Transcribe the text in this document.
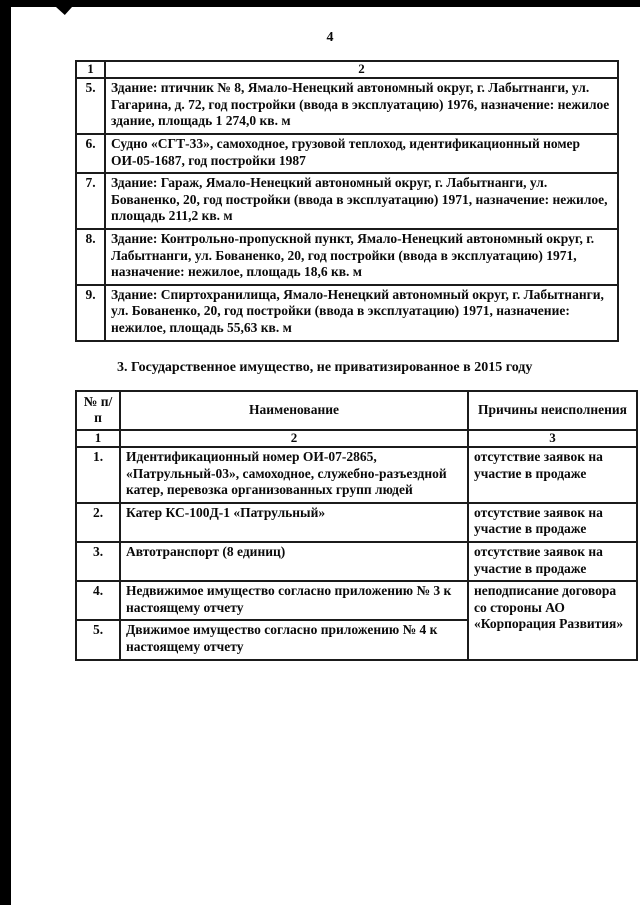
4
1	2
5.	Здание: птичник № 8, Ямало-Ненецкий автономный округ, г. Лабытнанги, ул. Гагарина, д. 72, год постройки (ввода в эксплуатацию) 1976, назначение: нежилое здание, площадь 1 274,0 кв. м
6.	Судно «СГТ-33», самоходное, грузовой теплоход, идентификационный номер ОИ-05-1687, год постройки 1987
7.	Здание: Гараж, Ямало-Ненецкий автономный округ, г. Лабытнанги, ул. Бованенко, 20, год постройки (ввода в эксплуатацию) 1971, назначение: нежилое, площадь 211,2 кв. м
8.	Здание: Контрольно-пропускной пункт, Ямало-Ненецкий автономный округ, г. Лабытнанги, ул. Бованенко, 20, год постройки (ввода в эксплуатацию) 1971, назначение: нежилое, площадь 18,6 кв. м
9.	Здание: Спиртохранилища, Ямало-Ненецкий автономный округ, г. Лабытнанги, ул. Бованенко, 20, год постройки (ввода в эксплуатацию) 1971, назначение: нежилое, площадь 55,63 кв. м
3. Государственное имущество, не приватизированное в 2015 году
№ п/п	Наименование	Причины неисполнения
1	2	3
1.	Идентификационный номер ОИ-07-2865, «Патрульный-03», самоходное, служебно-разъездной катер, перевозка организованных групп людей	отсутствие заявок на участие в продаже
2.	Катер КС-100Д-1 «Патрульный»	отсутствие заявок на участие в продаже
3.	Автотранспорт (8 единиц)	отсутствие заявок на участие в продаже
4.	Недвижимое имущество согласно приложению № 3 к настоящему отчету	неподписание договора со стороны АО «Корпорация Развития»
5.	Движимое имущество согласно приложению № 4 к настоящему отчету	
